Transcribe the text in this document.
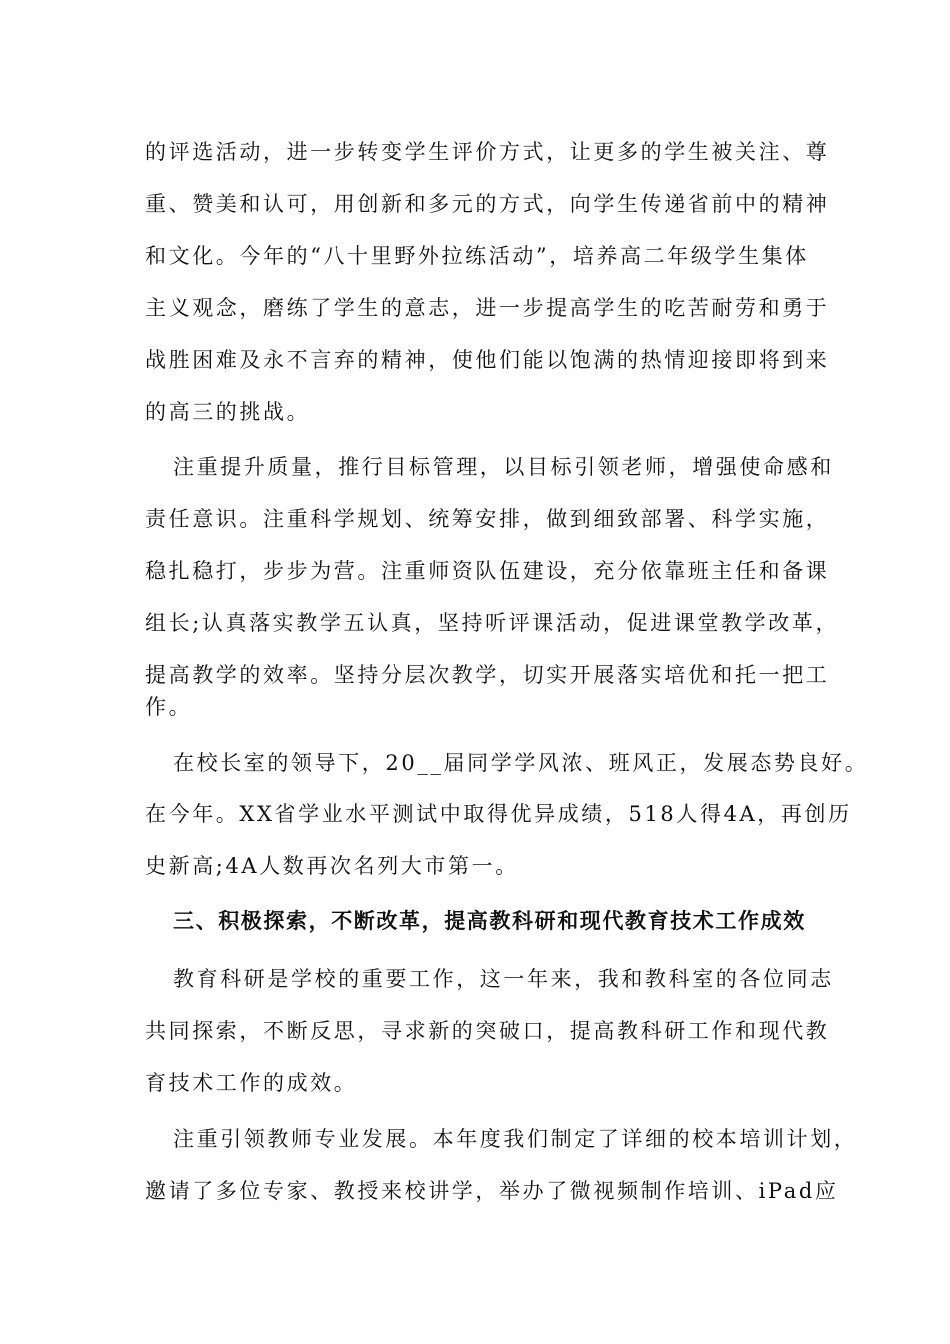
的评选活动，进一步转变学生评价方式，让更多的学生被关注、尊
重、赞美和认可，用创新和多元的方式，向学生传递省前中的精神
和文化。今年的“八十里野外拉练活动”，培养高二年级学生集体
主义观念，磨练了学生的意志，进一步提高学生的吃苦耐劳和勇于
战胜困难及永不言弃的精神，使他们能以饱满的热情迎接即将到来
的高三的挑战。
注重提升质量，推行目标管理，以目标引领老师，增强使命感和
责任意识。注重科学规划、统筹安排，做到细致部署、科学实施，
稳扎稳打，步步为营。注重师资队伍建设，充分依靠班主任和备课
组长;认真落实教学五认真，坚持听评课活动，促进课堂教学改革，
提高教学的效率。坚持分层次教学，切实开展落实培优和托一把工
作。
在校长室的领导下，20__届同学学风浓、班风正，发展态势良好。
在今年。XX省学业水平测试中取得优异成绩，518人得4A，再创历
史新高;4A人数再次名列大市第一。
三、积极探索，不断改革，提高教科研和现代教育技术工作成效
教育科研是学校的重要工作，这一年来，我和教科室的各位同志
共同探索，不断反思，寻求新的突破口，提高教科研工作和现代教
育技术工作的成效。
注重引领教师专业发展。本年度我们制定了详细的校本培训计划，
邀请了多位专家、教授来校讲学，举办了微视频制作培训、iPad应
